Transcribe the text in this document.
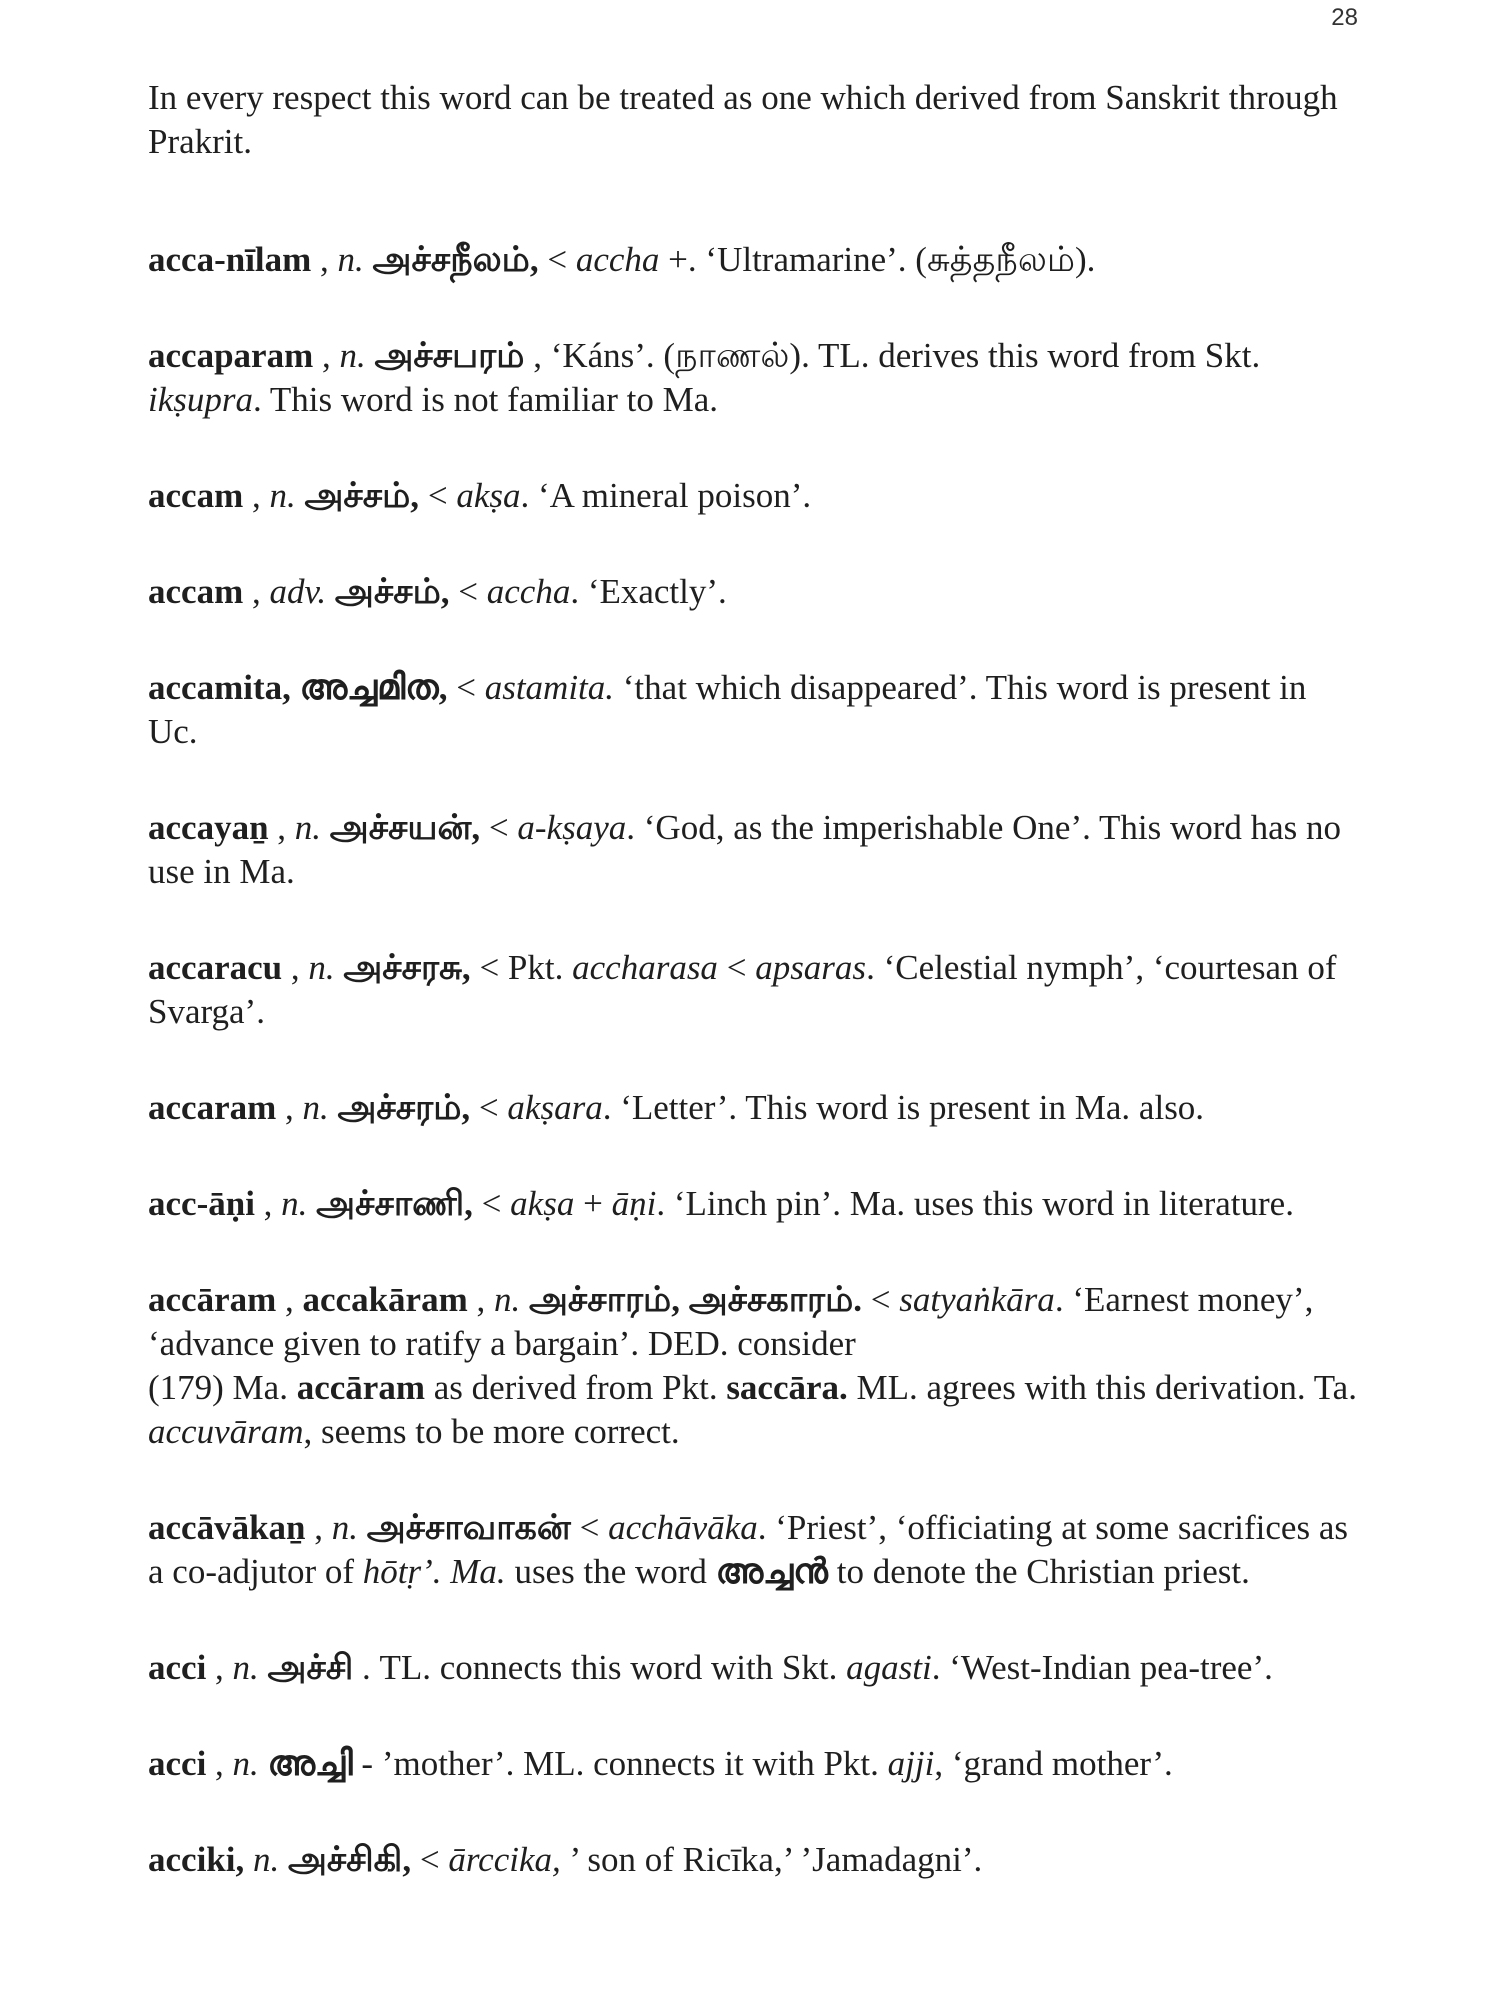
28

In every respect this word can be treated as one which derived from Sanskrit through Prakrit.

acca-nīlam , n. அச்சநீலம், < accha +. ‘Ultramarine’. (சுத்தநீலம்).

accaparam , n. அச்சபரம் , ‘Káns’. (நாணல்). TL. derives this word from Skt. ikṣupra. This word is not familiar to Ma.

accam , n. அச்சம், < akṣa. ‘A mineral poison’.

accam , adv. அச்சம், < accha. ‘Exactly’.

accamita, അച്ചമിത, < astamita. ‘that which disappeared’. This word is present in Uc.

accayaṉ , n. அச்சயன், < a-kṣaya. ‘God, as the imperishable One’. This word has no use in Ma.

accaracu , n. அச்சரசு, < Pkt. accharasa < apsaras. ‘Celestial nymph’, ‘courtesan of Svarga’.

accaram , n. அச்சரம், < akṣara. ‘Letter’. This word is present in Ma. also.

acc-āṇi , n. அச்சாணி, < akṣa + āṇi. ‘Linch pin’. Ma. uses this word in literature.

accāram , accakāram , n. அச்சாரம், அச்சகாரம். < satyaṅkāra. ‘Earnest money’, ‘advance given to ratify a bargain’. DED. consider
(179) Ma. accāram as derived from Pkt. saccāra. ML. agrees with this derivation. Ta. accuvāram, seems to be more correct.

accāvākaṉ , n. அச்சாவாகன் < acchāvāka. ‘Priest’, ‘officiating at some sacrifices as a co-adjutor of hōtṛ’. Ma. uses the word അച്ചൻ to denote the Christian priest.

acci , n. அச்சி . TL. connects this word with Skt. agasti. ‘West-Indian pea-tree’.

acci , n. അച്ചി - ’mother’. ML. connects it with Pkt. ajji, ‘grand mother’.

acciki, n. அச்சிகி, < ārccika, ’ son of Ricīka,’ ’Jamadagni’.
